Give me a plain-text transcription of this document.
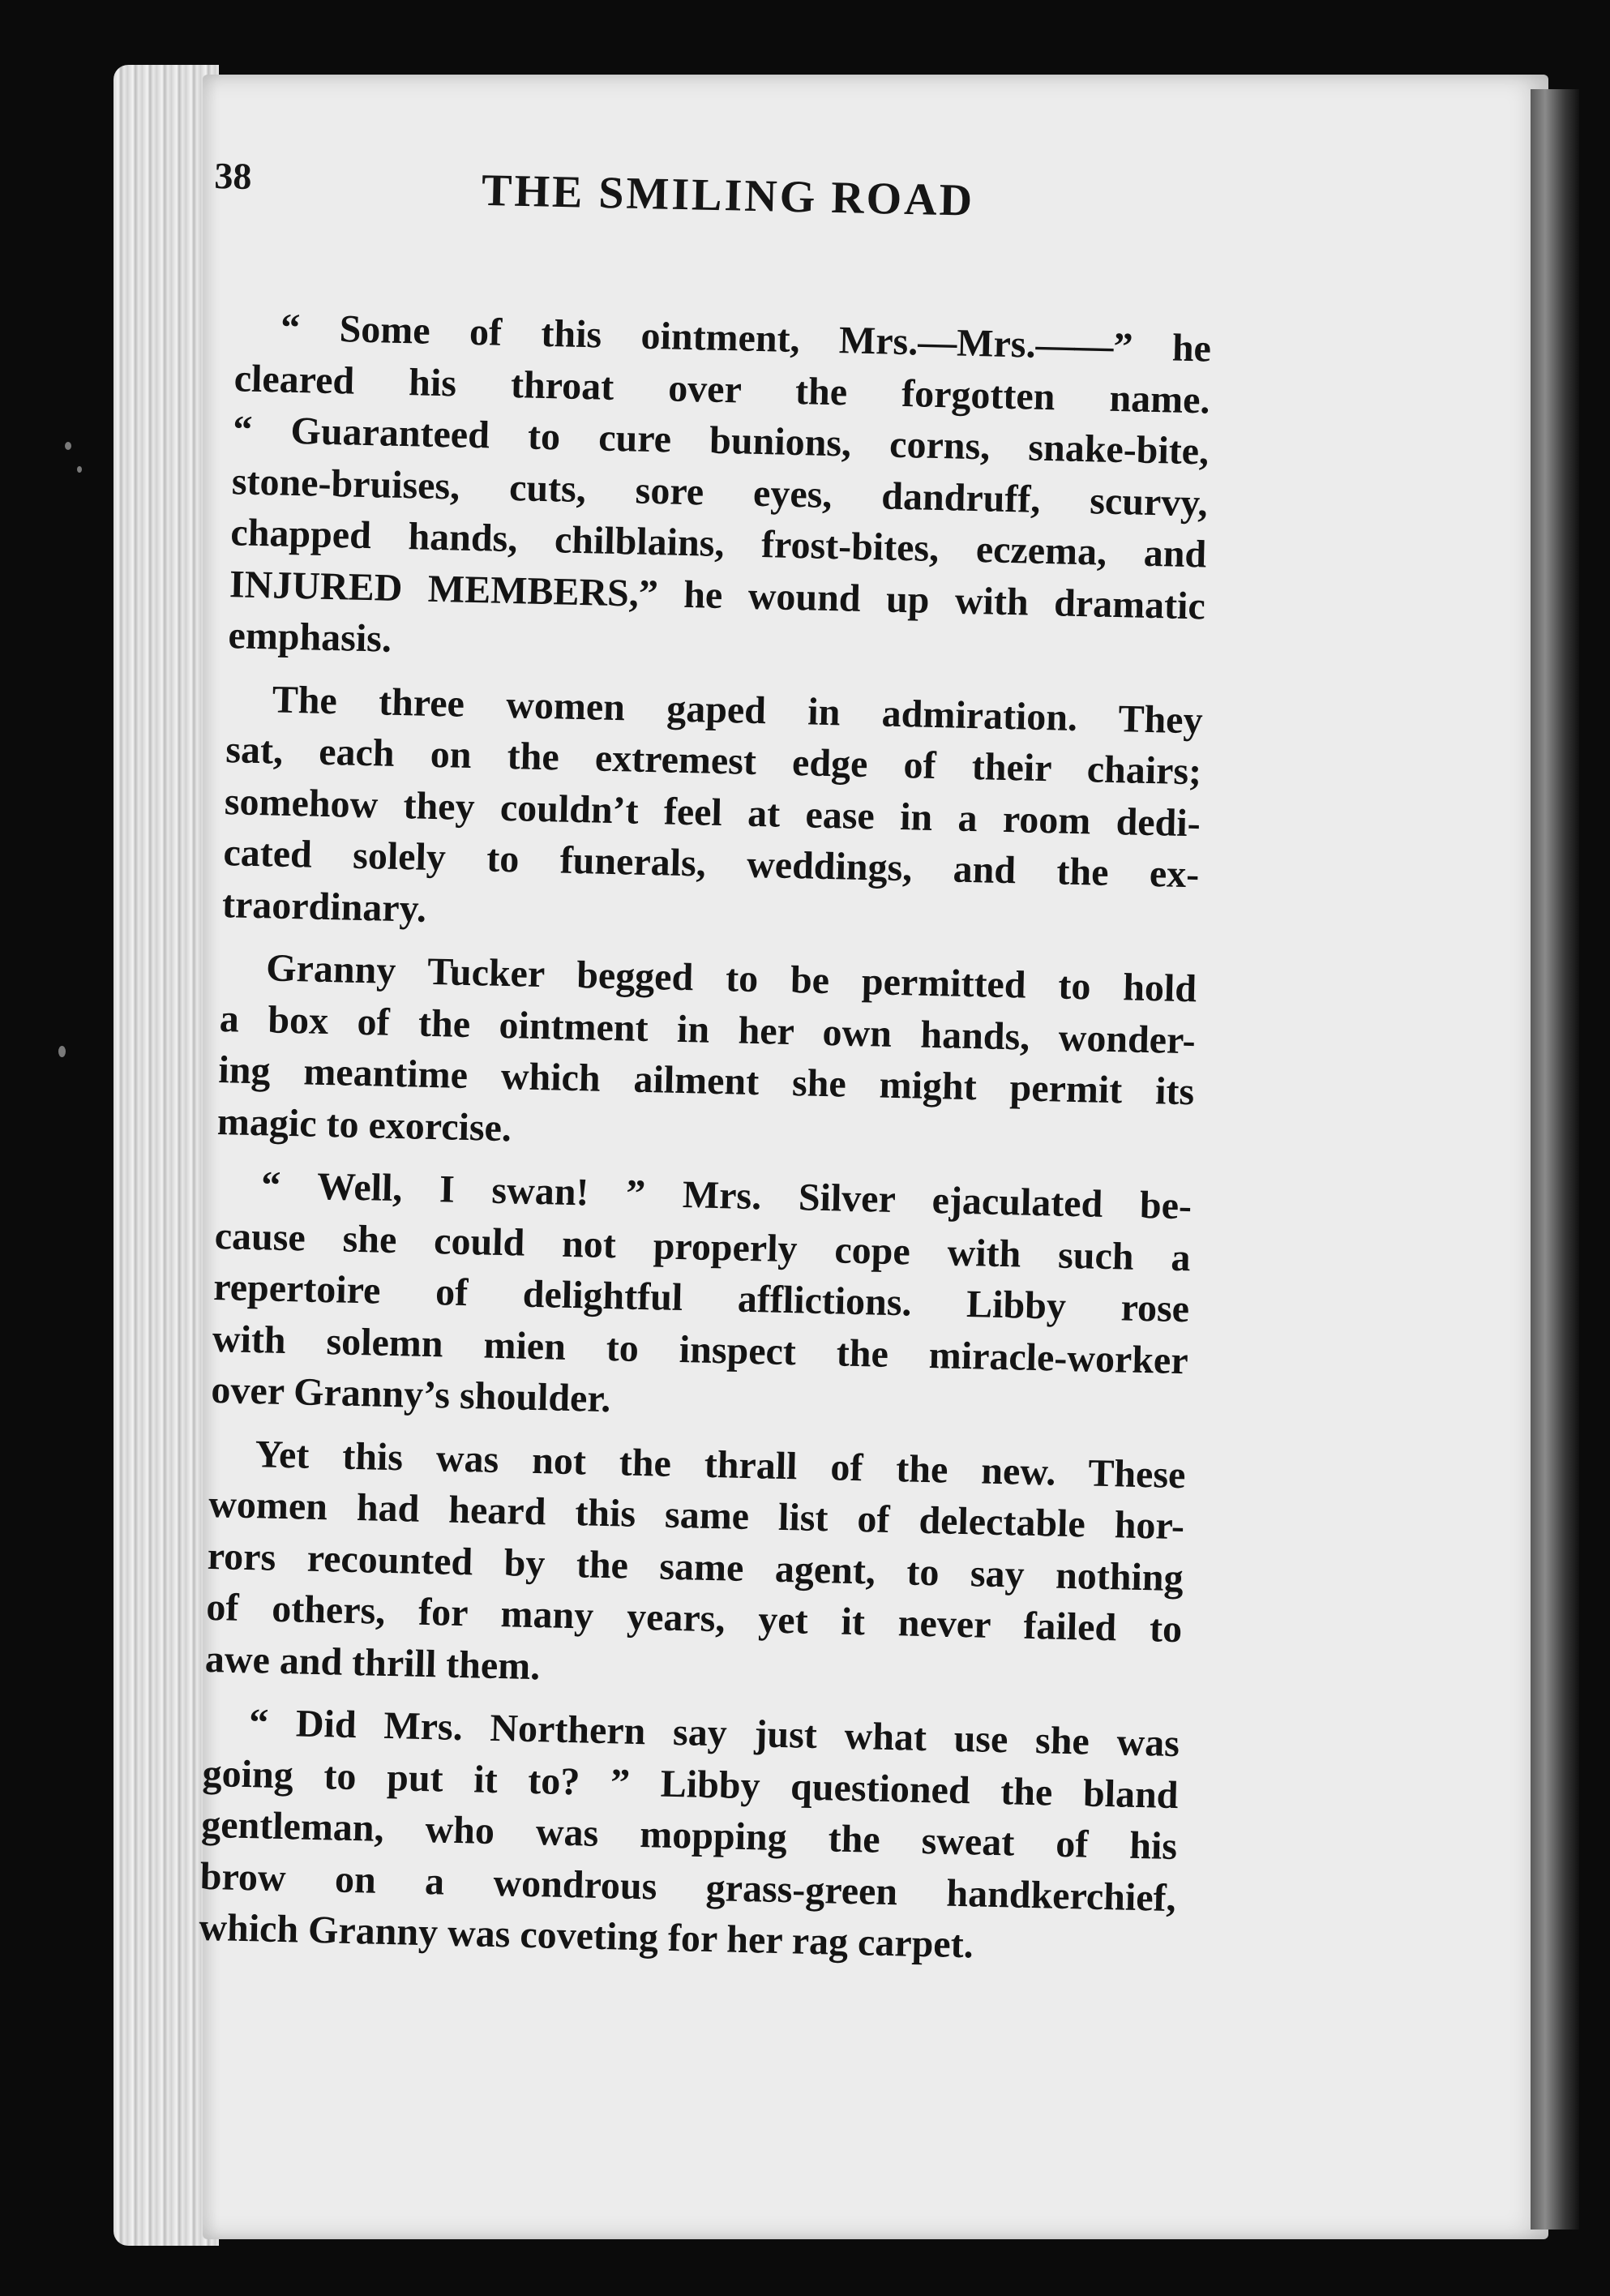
38	THE SMILING ROAD
“ Some of this ointment, Mrs.—Mrs.——” he
cleared his throat over the forgotten name.
“ Guaranteed to cure bunions, corns, snake-bite,
stone-bruises, cuts, sore eyes, dandruff, scurvy,
chapped hands, chilblains, frost-bites, eczema, and
INJURED MEMBERS,” he wound up with dramatic
emphasis.
The three women gaped in admiration. They
sat, each on the extremest edge of their chairs;
somehow they couldn’t feel at ease in a room dedi-
cated solely to funerals, weddings, and the ex-
traordinary.
Granny Tucker begged to be permitted to hold
a box of the ointment in her own hands, wonder-
ing meantime which ailment she might permit its
magic to exorcise.
“ Well, I swan! ” Mrs. Silver ejaculated be-
cause she could not properly cope with such a
repertoire of delightful afflictions. Libby rose
with solemn mien to inspect the miracle-worker
over Granny’s shoulder.
Yet this was not the thrall of the new. These
women had heard this same list of delectable hor-
rors recounted by the same agent, to say nothing
of others, for many years, yet it never failed to
awe and thrill them.
“ Did Mrs. Northern say just what use she was
going to put it to? ” Libby questioned the bland
gentleman, who was mopping the sweat of his
brow on a wondrous grass-green handkerchief,
which Granny was coveting for her rag carpet.
